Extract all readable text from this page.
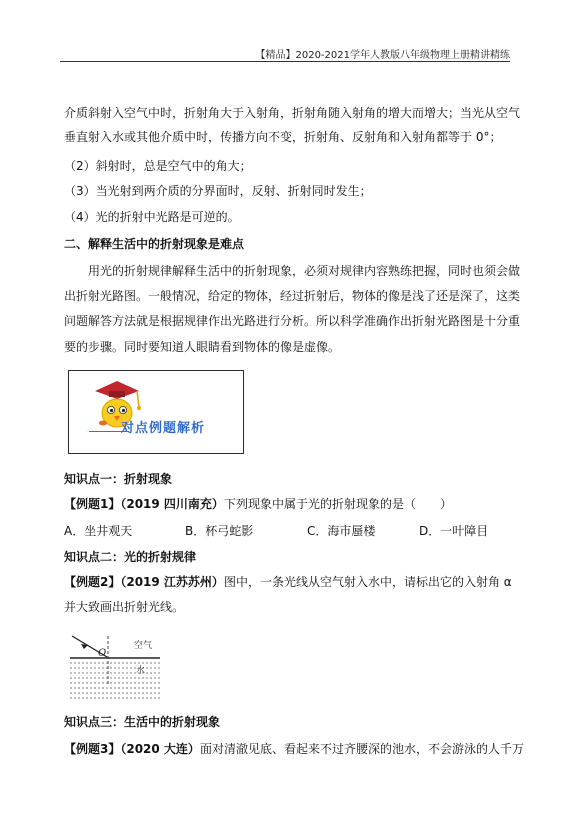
【精品】2020-2021学年人教版八年级物理上册精讲精练
介质斜射入空气中时，折射角大于入射角，折射角随入射角的增大而增大；当光从空气
垂直射入水或其他介质中时，传播方向不变，折射角、反射角和入射角都等于 0°；
（2）斜射时，总是空气中的角大；
（3）当光射到两介质的分界面时，反射、折射同时发生；
（4）光的折射中光路是可逆的。
二、解释生活中的折射现象是难点
用光的折射规律解释生活中的折射现象，必须对规律内容熟练把握，同时也须会做
出折射光路图。一般情况，给定的物体，经过折射后，物体的像是浅了还是深了，这类
问题解答方法就是根据规律作出光路进行分析。所以科学准确作出折射光路图是十分重
要的步骤。同时要知道人眼睛看到物体的像是虚像。
对点例题解析
知识点一：折射现象
【例题1】（2019 四川南充）下列现象中属于光的折射现象的是（　　）
A．坐井观天	B．杯弓蛇影	C．海市蜃楼	D．一叶障目
知识点二：光的折射规律
【例题2】（2019 江苏苏州）图中，一条光线从空气射入水中，请标出它的入射角 α
并大致画出折射光线。
O
空气
水
知识点三：生活中的折射现象
【例题3】（2020 大连）面对清澈见底、看起来不过齐腰深的池水，不会游泳的人千万
